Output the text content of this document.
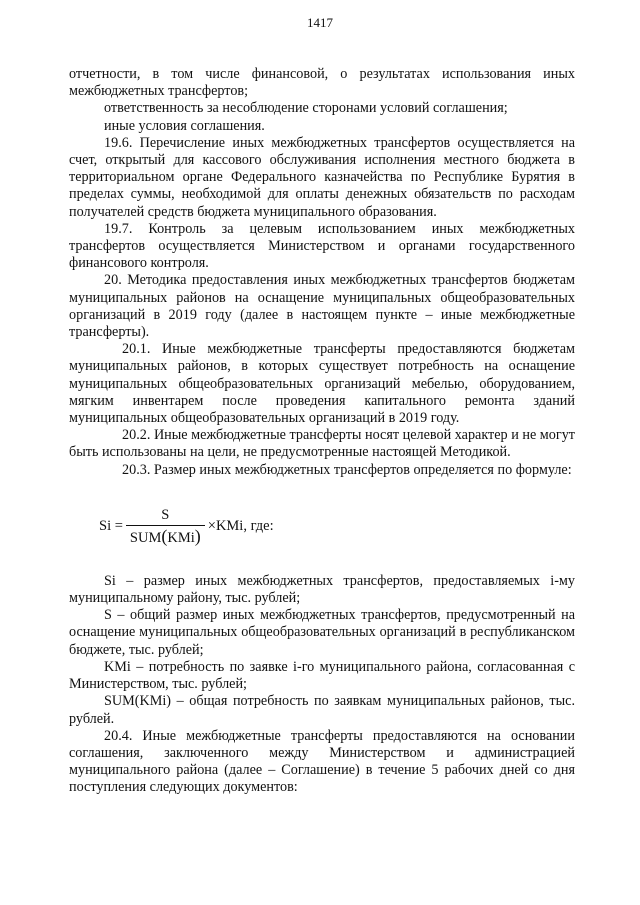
1417

отчетности, в том числе финансовой, о результатах использования иных межбюджетных трансфертов;

ответственность за несоблюдение сторонами условий соглашения;

иные условия соглашения.

19.6. Перечисление иных межбюджетных трансфертов осуществляется на счет, открытый для кассового обслуживания исполнения местного бюджета в территориальном органе Федерального казначейства по Республике Бурятия в пределах суммы, необходимой для оплаты денежных обязательств по расходам получателей средств бюджета муниципального образования.

19.7. Контроль за целевым использованием иных межбюджетных трансфертов осуществляется Министерством и органами государственного финансового контроля.

20. Методика предоставления иных межбюджетных трансфертов бюджетам муниципальных районов на оснащение муниципальных общеобразовательных организаций в 2019 году (далее в настоящем пункте – иные межбюджетные трансферты).

20.1. Иные межбюджетные трансферты предоставляются бюджетам муниципальных районов, в которых существует потребность на оснащение муниципальных общеобразовательных организаций мебелью, оборудованием, мягким инвентарем после проведения капитального ремонта зданий муниципальных общеобразовательных организаций в 2019 году.

20.2. Иные межбюджетные трансферты носят целевой характер и не могут быть использованы на цели, не предусмотренные настоящей Методикой.

20.3. Размер иных межбюджетных трансфертов определяется по формуле:

$Si = \frac{S}{\text{SUM(KMi)}}$ × KMi, где:

Si – размер иных межбюджетных трансфертов, предоставляемых i-му муниципальному району, тыс. рублей;

S – общий размер иных межбюджетных трансфертов, предусмотренный на оснащение муниципальных общеобразовательных организаций в республиканском бюджете, тыс. рублей;

KMi – потребность по заявке i-го муниципального района, согласованная с Министерством, тыс. рублей;

SUM(KMi) – общая потребность по заявкам муниципальных районов, тыс. рублей.

20.4. Иные межбюджетные трансферты предоставляются на основании соглашения, заключенного между Министерством и администрацией муниципального района (далее – Соглашение) в течение 5 рабочих дней со дня поступления следующих документов:
